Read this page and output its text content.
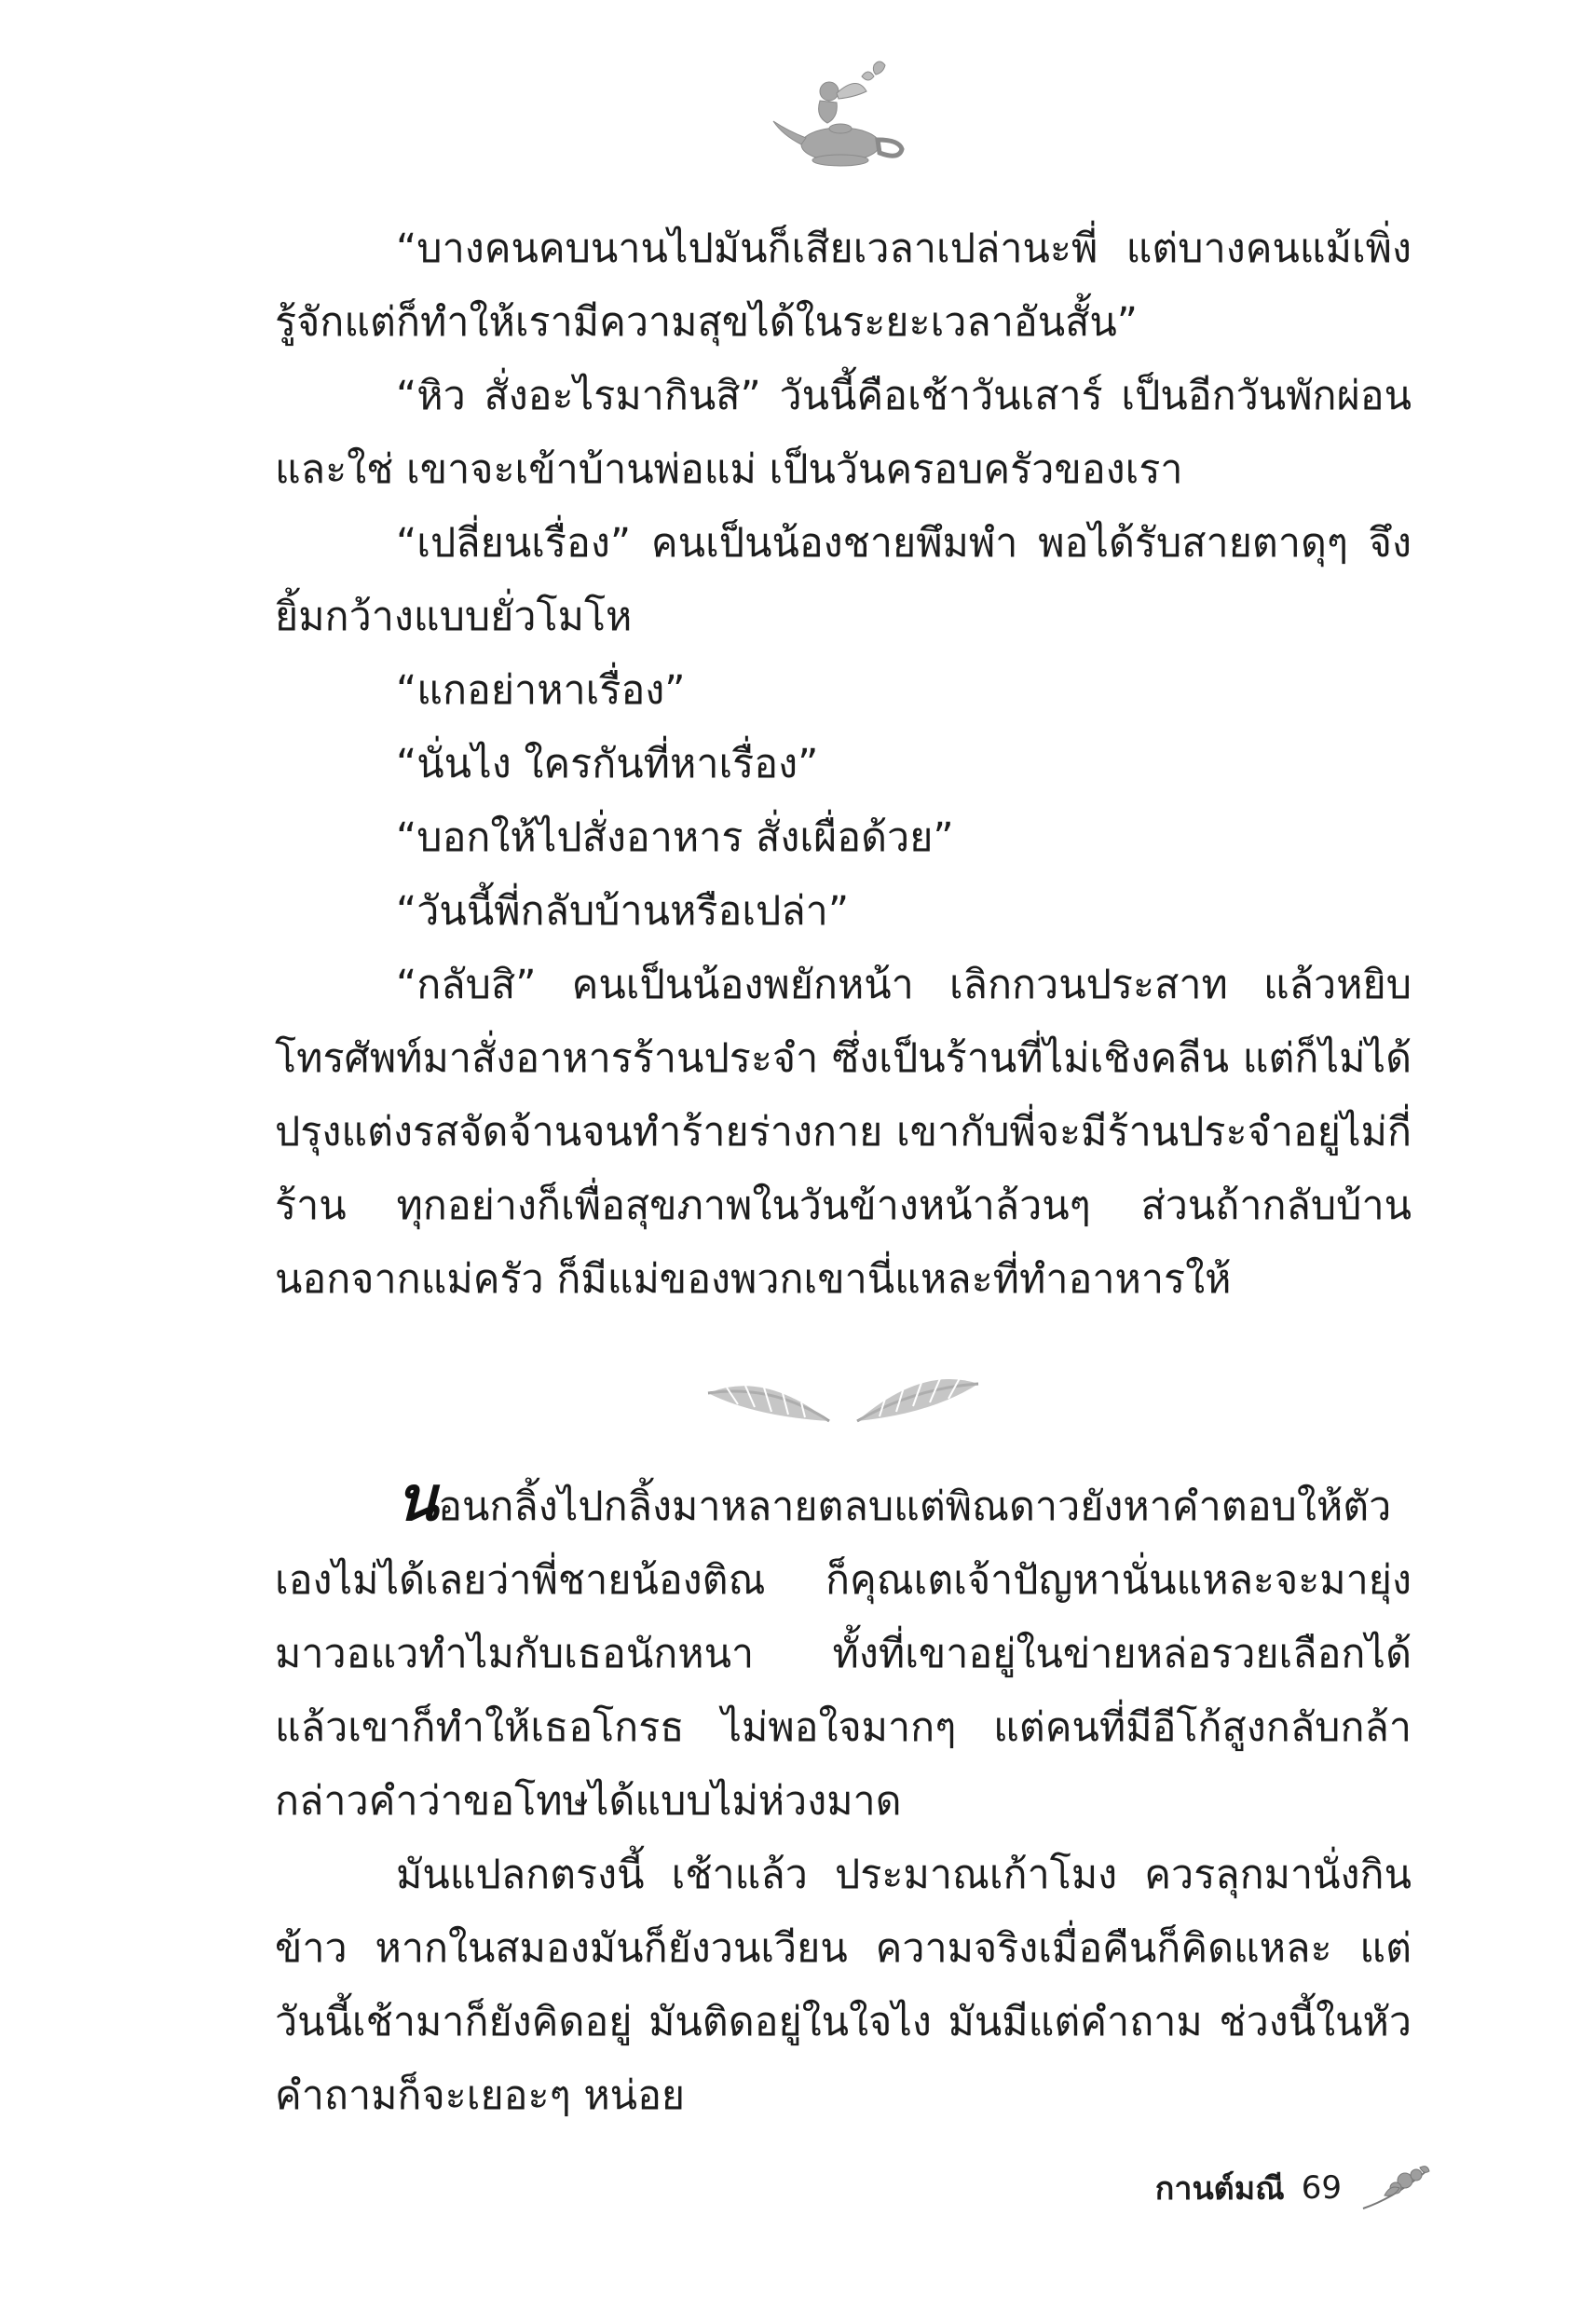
“บางคนคบนานไปมันก็เสียเวลาเปล่านะพี่ แต่บางคนแม้เพิ่งรู้จักแต่ก็ทำให้เรามีความสุขได้ในระยะเวลาอันสั้น”

“หิว สั่งอะไรมากินสิ” วันนี้คือเช้าวันเสาร์ เป็นอีกวันพักผ่อน และใช่ เขาจะเข้าบ้านพ่อแม่ เป็นวันครอบครัวของเรา

“เปลี่ยนเรื่อง” คนเป็นน้องชายพึมพำ พอได้รับสายตาดุๆ จึงยิ้มกว้างแบบยั่วโมโห

“แกอย่าหาเรื่อง”

“นั่นไง ใครกันที่หาเรื่อง”

“บอกให้ไปสั่งอาหาร สั่งเผื่อด้วย”

“วันนี้พี่กลับบ้านหรือเปล่า”

“กลับสิ” คนเป็นน้องพยักหน้า เลิกกวนประสาท แล้วหยิบโทรศัพท์มาสั่งอาหารร้านประจำ ซึ่งเป็นร้านที่ไม่เชิงคลีน แต่ก็ไม่ได้ปรุงแต่งรสจัดจ้านจนทำร้ายร่างกาย เขากับพี่จะมีร้านประจำอยู่ไม่กี่ร้าน ทุกอย่างก็เพื่อสุขภาพในวันข้างหน้าล้วนๆ ส่วนถ้ากลับบ้าน นอกจากแม่ครัว ก็มีแม่ของพวกเขานี่แหละที่ทำอาหารให้

นอนกลิ้งไปกลิ้งมาหลายตลบแต่พิณดาวยังหาคำตอบให้ตัวเองไม่ได้เลยว่าพี่ชายน้องติณ ก็คุณเตเจ้าปัญหานั่นแหละจะมายุ่งมาวอแวทำไมกับเธอนักหนา ทั้งที่เขาอยู่ในข่ายหล่อรวยเลือกได้ แล้วเขาก็ทำให้เธอโกรธ ไม่พอใจมากๆ แต่คนที่มีอีโก้สูงกลับกล้ากล่าวคำว่าขอโทษได้แบบไม่ห่วงมาด

มันแปลกตรงนี้ เช้าแล้ว ประมาณเก้าโมง ควรลุกมานั่งกินข้าว หากในสมองมันก็ยังวนเวียน ความจริงเมื่อคืนก็คิดแหละ แต่วันนี้เช้ามาก็ยังคิดอยู่ มันติดอยู่ในใจไง มันมีแต่คำถาม ช่วงนี้ในหัวคำถามก็จะเยอะๆ หน่อย

กานต์มณี 69
